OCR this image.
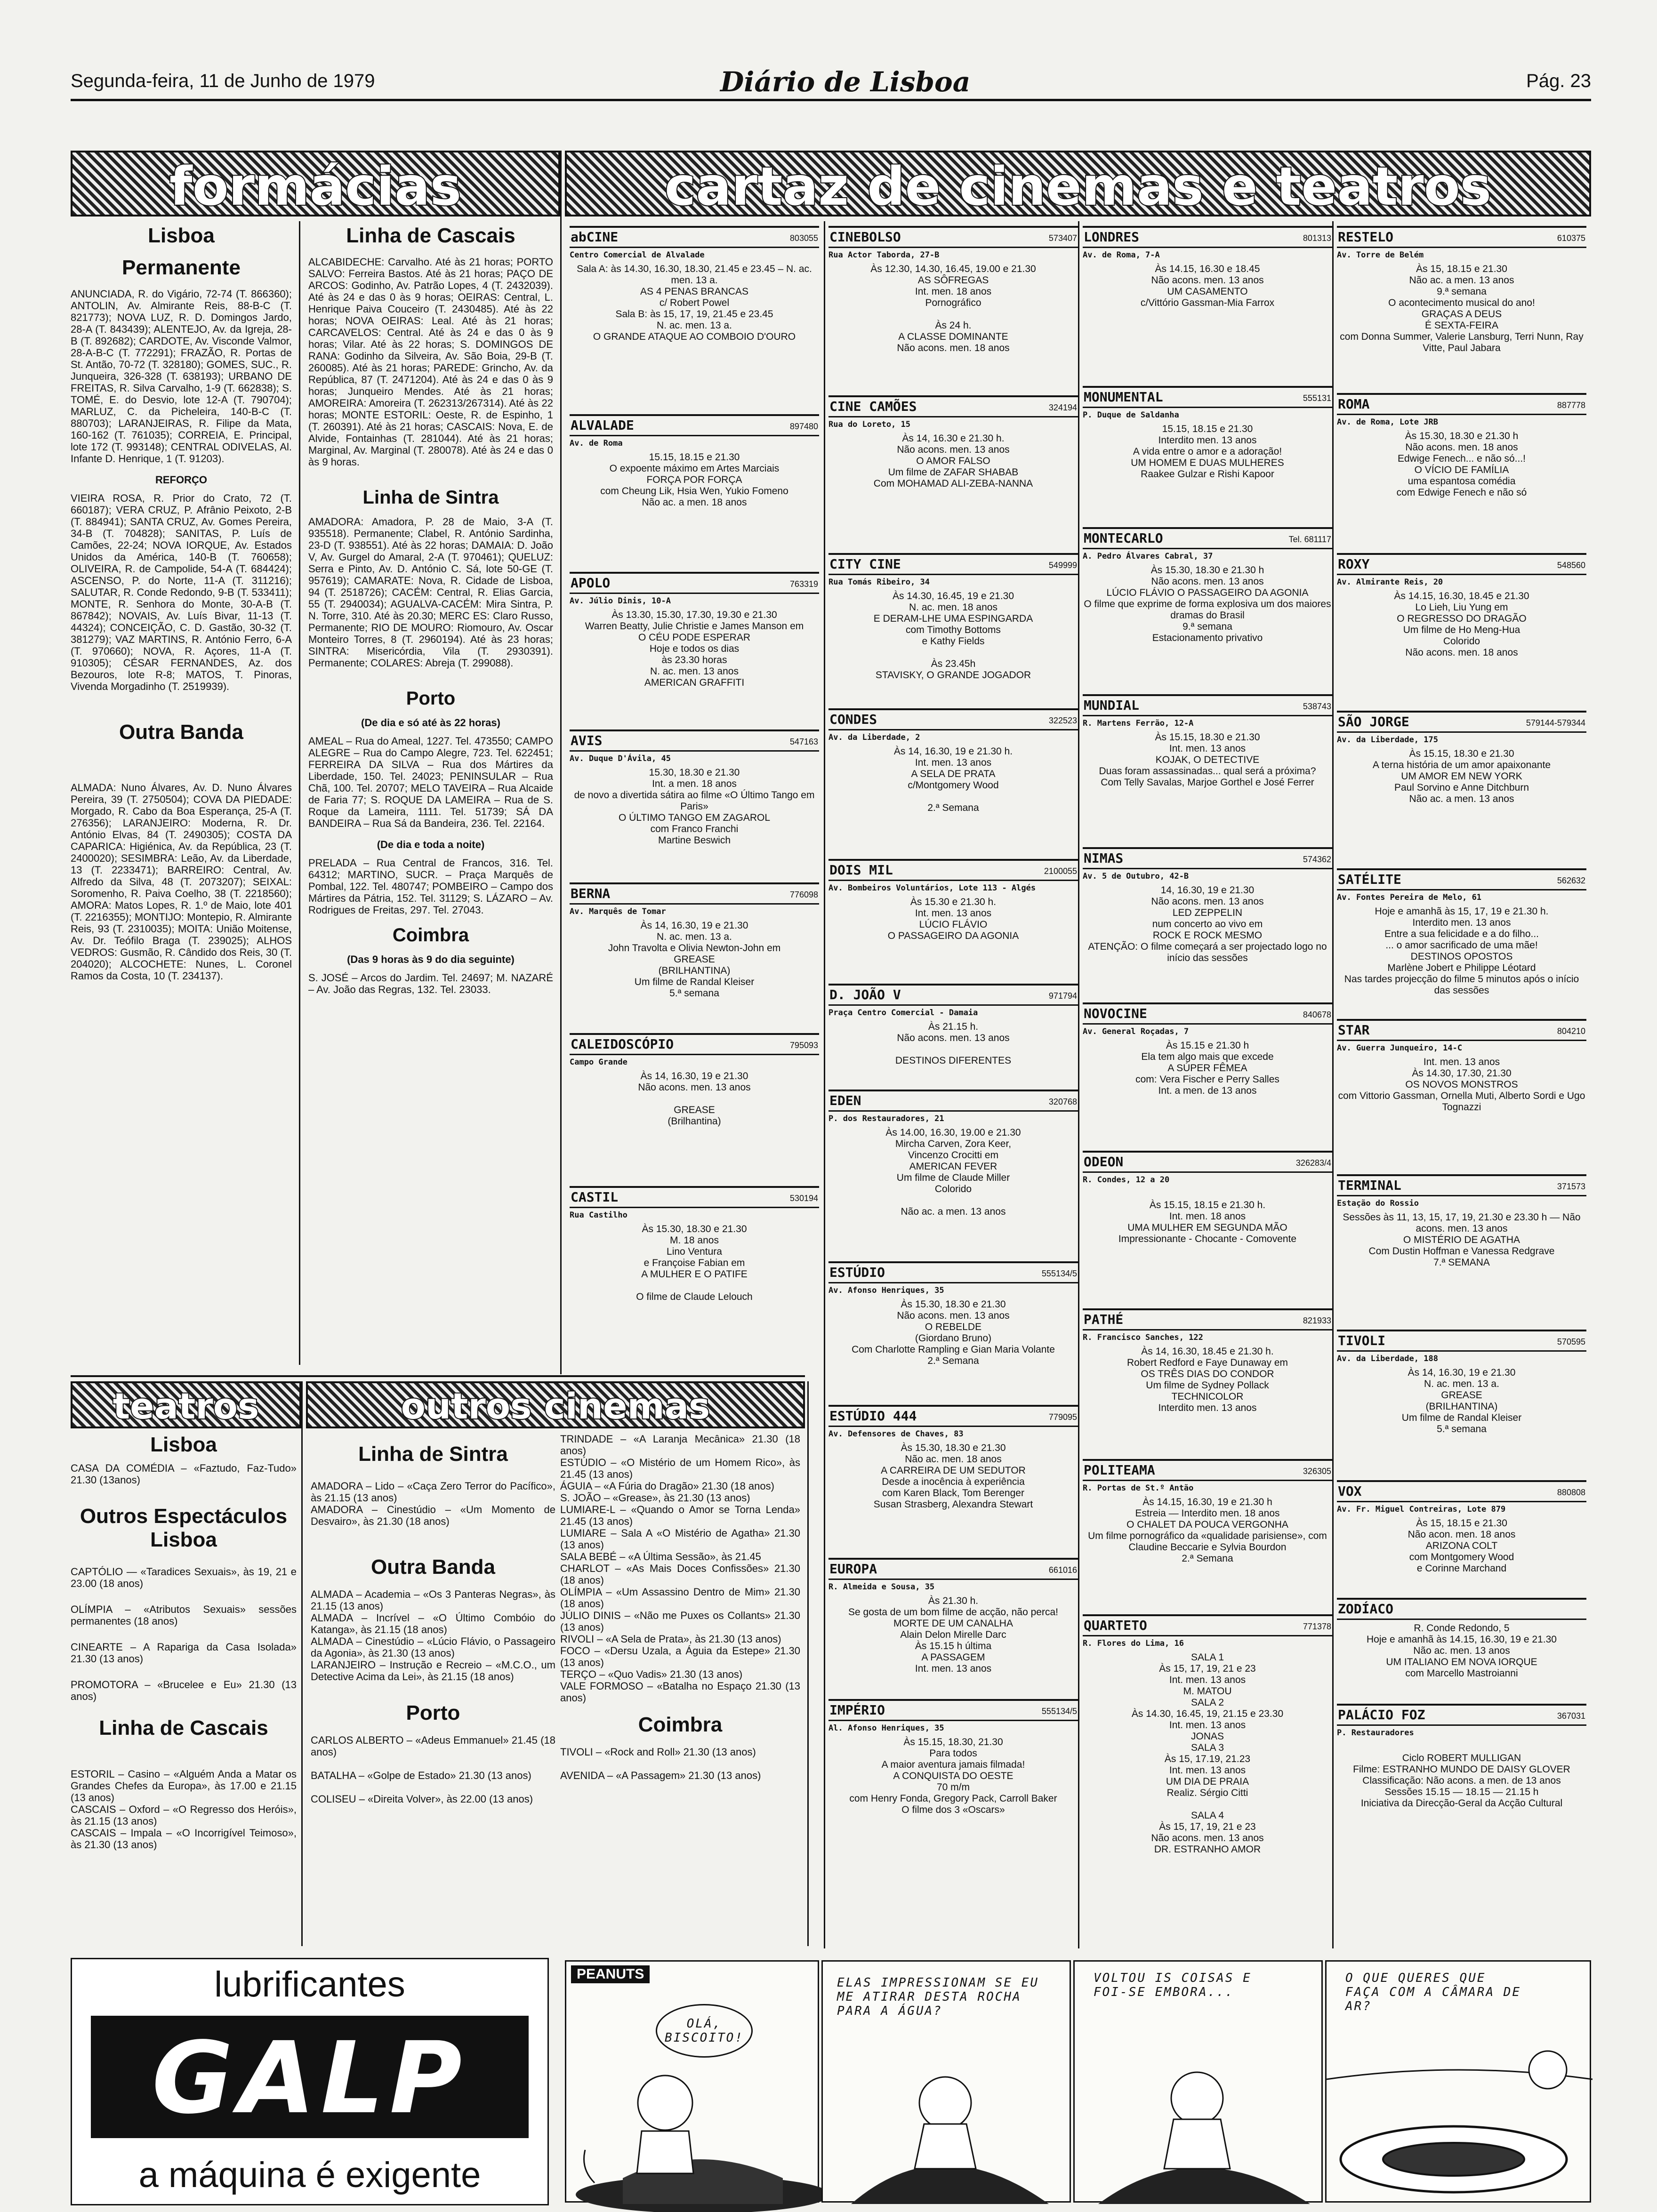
Segunda-feira, 11 de Junho de 1979	Diário de Lisboa	Pág. 23
formácias	cartaz de cinemas e teatros
teatros	outros cinemas
Lisboa
Permanente

ANUNCIADA, R. do Vigário, 72-74 (T. 866360); ANTOLIN, Av. Almirante Reis, 88-B-C (T. 821773); NOVA LUZ, R. D. Domingos Jardo, 28-A (T. 843439); ALENTEJO, Av. da Igreja, 28-B (T. 892682); CARDOTE, Av. Visconde Valmor, 28-A-B-C (T. 772291); FRAZÃO, R. Portas de St. Antão, 70-72 (T. 328180); GOMES, SUC., R. Junqueira, 326-328 (T. 638193); URBANO DE FREITAS, R. Silva Carvalho, 1-9 (T. 662838); S. TOMÉ, E. do Desvio, lote 12-A (T. 790704); MARLUZ, C. da Picheleira, 140-B-C (T. 880703); LARANJEIRAS, R. Filipe da Mata, 160-162 (T. 761035); CORREIA, E. Principal, lote 172 (T. 993148); CENTRAL ODIVELAS, Al. Infante D. Henrique, 1 (T. 91203).

REFORÇO

VIEIRA ROSA, R. Prior do Crato, 72 (T. 660187); VERA CRUZ, P. Afrânio Peixoto, 2-B (T. 884941); SANTA CRUZ, Av. Gomes Pereira, 34-B (T. 704828); SANITAS, P. Luís de Camões, 22-24; NOVA IORQUE, Av. Estados Unidos da América, 140-B (T. 760658); OLIVEIRA, R. de Campolide, 54-A (T. 684424); ASCENSO, P. do Norte, 11-A (T. 311216); SALUTAR, R. Conde Redondo, 9-B (T. 533411); MONTE, R. Senhora do Monte, 30-A-B (T. 867842); NOVAIS, Av. Luís Bivar, 11-13 (T. 44324); CONCEIÇÃO, C. D. Gastão, 30-32 (T. 381279); VAZ MARTINS, R. António Ferro, 6-A (T. 970660); NOVA, R. Açores, 11-A (T. 910305); CÉSAR FERNANDES, Az. dos Bezouros, lote R-8; MATOS, T. Pinoras, Vivenda Morgadinho (T. 2519939).

Outra Banda

ALMADA: Nuno Álvares, Av. D. Nuno Álvares Pereira, 39 (T. 2750504); COVA DA PIEDADE: Morgado, R. Cabo da Boa Esperança, 25-A (T. 276356); LARANJEIRO: Moderna, R. Dr. António Elvas, 84 (T. 2490305); COSTA DA CAPARICA: Higiénica, Av. da República, 23 (T. 2400020); SESIMBRA: Leão, Av. da Liberdade, 13 (T. 2233471); BARREIRO: Central, Av. Alfredo da Silva, 48 (T. 2073207); SEIXAL: Soromenho, R. Paiva Coelho, 38 (T. 2218560); AMORA: Matos Lopes, R. 1.º de Maio, lote 401 (T. 2216355); MONTIJO: Montepio, R. Almirante Reis, 93 (T. 2310035); MOITA: União Moitense, Av. Dr. Teófilo Braga (T. 239025); ALHOS VEDROS: Gusmão, R. Cândido dos Reis, 30 (T. 204020); ALCOCHETE: Nunes, L. Coronel Ramos da Costa, 10 (T. 234137).

Linha de Cascais

ALCABIDECHE: Carvalho. Até às 21 horas; PORTO SALVO: Ferreira Bastos. Até às 21 horas; PAÇO DE ARCOS: Godinho, Av. Patrão Lopes, 4 (T. 2432039). Até às 24 e das 0 às 9 horas; OEIRAS: Central, L. Henrique Paiva Couceiro (T. 2430485). Até às 22 horas; NOVA OEIRAS: Leal. Até às 21 horas; CARCAVELOS: Central. Até às 24 e das 0 às 9 horas; Vilar. Até às 22 horas; S. DOMINGOS DE RANA: Godinho da Silveira, Av. São Boia, 29-B (T. 260085). Até às 21 horas; PAREDE: Grincho, Av. da República, 87 (T. 2471204). Até às 24 e das 0 às 9 horas; Junqueiro Mendes. Até às 21 horas; AMOREIRA: Amoreira (T. 262313/267314). Até às 22 horas; MONTE ESTORIL: Oeste, R. de Espinho, 1 (T. 260391). Até às 21 horas; CASCAIS: Nova, E. de Alvide, Fontainhas (T. 281044). Até às 21 horas; Marginal, Av. Marginal (T. 280078). Até às 24 e das 0 às 9 horas.

Linha de Sintra

AMADORA: Amadora, P. 28 de Maio, 3-A (T. 935518). Permanente; Clabel, R. António Sardinha, 23-D (T. 938551). Até às 22 horas; DAMAIA: D. João V, Av. Gurgel do Amaral, 2-A (T. 970461); QUELUZ: Serra e Pinto, Av. D. António C. Sá, lote 50-GE (T. 957619); CAMARATE: Nova, R. Cidade de Lisboa, 94 (T. 2518726); CACÉM: Central, R. Elias Garcia, 55 (T. 2940034); AGUALVA-CACÉM: Mira Sintra, P. N. Torre, 310. Até às 20.30; MERC ES: Claro Russo, Permanente; RIO DE MOURO: Riomouro, Av. Oscar Monteiro Torres, 8 (T. 2960194). Até às 23 horas; SINTRA: Misericórdia, Vila (T. 2930391). Permanente; COLARES: Abreja (T. 299088).

Porto
(De dia e só até às 22 horas)

AMEAL – Rua do Ameal, 1227. Tel. 473550; CAMPO ALEGRE – Rua do Campo Alegre, 723. Tel. 622451; FERREIRA DA SILVA – Rua dos Mártires da Liberdade, 150. Tel. 24023; PENINSULAR – Rua Chã, 100. Tel. 20707; MELO TAVEIRA – Rua Alcaide de Faria 77; S. ROQUE DA LAMEIRA – Rua de S. Roque da Lameira, 1111. Tel. 51739; SÁ DA BANDEIRA – Rua Sá da Bandeira, 236. Tel. 22164.

(De dia e toda a noite)

PRELADA – Rua Central de Francos, 316. Tel. 64312; MARTINO, SUCR. – Praça Marquês de Pombal, 122. Tel. 480747; POMBEIRO – Campo dos Mártires da Pátria, 152. Tel. 31129; S. LÁZARO – Av. Rodrigues de Freitas, 297. Tel. 27043.

Coimbra
(Das 9 horas às 9 do dia seguinte)

S. JOSÉ – Arcos do Jardim. Tel. 24697; M. NAZARÉ – Av. João das Regras, 132. Tel. 23033.

abCINE	803055
Centro Comercial de Alvalade
Sala A: às 14.30, 16.30, 18.30, 21.45 e 23.45 – N. ac. men. 13 a.
AS 4 PENAS BRANCAS
c/ Robert Powel
Sala B: às 15, 17, 19, 21.45 e 23.45
N. ac. men. 13 a.
O GRANDE ATAQUE AO COMBOIO D'OURO
ALVALADE	897480
Av. de Roma
15.15, 18.15 e 21.30
O expoente máximo em Artes Marciais
FORÇA POR FORÇA
com Cheung Lik, Hsia Wen, Yukio Fomeno
Não ac. a men. 18 anos
APOLO	763319
Av. Júlio Dinis, 10-A
Às 13.30, 15.30, 17.30, 19.30 e 21.30
Warren Beatty, Julie Christie e James Manson em
O CÉU PODE ESPERAR
Hoje e todos os dias
às 23.30 horas
N. ac. men. 13 anos
AMERICAN GRAFFITI
AVIS	547163
Av. Duque D'Ávila, 45
15.30, 18.30 e 21.30
Int. a men. 18 anos
de novo a divertida sátira ao filme «O Último Tango em Paris»
O ÚLTIMO TANGO EM ZAGAROL
com Franco Franchi
Martine Beswich
BERNA	776098
Av. Marquês de Tomar
Às 14, 16.30, 19 e 21.30
N. ac. men. 13 a.
John Travolta e Olivia Newton-John em
GREASE
(BRILHANTINA)
Um filme de Randal Kleiser
5.ª semana
CALEIDOSCÓPIO	795093
Campo Grande
Às 14, 16.30, 19 e 21.30
Não acons. men. 13 anos

GREASE
(Brilhantina)
CASTIL	530194
Rua Castilho
Às 15.30, 18.30 e 21.30
M. 18 anos
Lino Ventura
e Françoise Fabian em
A MULHER E O PATIFE

O filme de Claude Lelouch
CINEBOLSO	573407
Rua Actor Taborda, 27-B
Às 12.30, 14.30, 16.45, 19.00 e 21.30
AS SÔFREGAS
Int. men. 18 anos
Pornográfico

Às 24 h.
A CLASSE DOMINANTE
Não acons. men. 18 anos
CINE CAMÕES	324194
Rua do Loreto, 15
Às 14, 16.30 e 21.30 h.
Não acons. men. 13 anos
O AMOR FALSO
Um filme de ZAFAR SHABAB
Com MOHAMAD ALI-ZEBA-NANNA
CITY CINE	549999
Rua Tomás Ribeiro, 34
Às 14.30, 16.45, 19 e 21.30
N. ac. men. 18 anos
E DERAM-LHE UMA ESPINGARDA
com Timothy Bottoms
e Kathy Fields

Às 23.45h
STAVISKY, O GRANDE JOGADOR
CONDES	322523
Av. da Liberdade, 2
Às 14, 16.30, 19 e 21.30 h.
Int. men. 13 anos
A SELA DE PRATA
c/Montgomery Wood

2.ª Semana
DOIS MIL	2100055
Av. Bombeiros Voluntários, Lote 113 - Algés
Às 15.30 e 21.30 h.
Int. men. 13 anos
LÚCIO FLÁVIO
O PASSAGEIRO DA AGONIA
D. JOÃO V	971794
Praça Centro Comercial - Damaia
Às 21.15 h.
Não acons. men. 13 anos

DESTINOS DIFERENTES
EDEN	320768
P. dos Restauradores, 21
Às 14.00, 16.30, 19.00 e 21.30
Mircha Carven, Zora Keer,
Vincenzo Crocitti em
AMERICAN FEVER
Um filme de Claude Miller
Colorido

Não ac. a men. 13 anos
ESTÚDIO	555134/5
Av. Afonso Henriques, 35
Às 15.30, 18.30 e 21.30
Não acons. men. 13 anos
O REBELDE
(Giordano Bruno)
Com Charlotte Rampling e Gian Maria Volante
2.ª Semana
ESTÚDIO 444	779095
Av. Defensores de Chaves, 83
Às 15.30, 18.30 e 21.30
Não ac. men. 18 anos
A CARREIRA DE UM SEDUTOR
Desde a inocência à experiência
com Karen Black, Tom Berenger
Susan Strasberg, Alexandra Stewart
EUROPA	661016
R. Almeida e Sousa, 35
Às 21.30 h.
Se gosta de um bom filme de acção, não perca!
MORTE DE UM CANALHA
Alain Delon Mirelle Darc
Às 15.15 h última
A PASSAGEM
Int. men. 13 anos
IMPÉRIO	555134/5
Al. Afonso Henriques, 35
Às 15.15, 18.30, 21.30
Para todos
A maior aventura jamais filmada!
A CONQUISTA DO OESTE
70 m/m
com Henry Fonda, Gregory Pack, Carroll Baker
O filme dos 3 «Oscars»
LONDRES	801313
Av. de Roma, 7-A
Às 14.15, 16.30 e 18.45
Não acons. men. 13 anos
UM CASAMENTO
c/Vittório Gassman-Mia Farrox
MONUMENTAL	555131
P. Duque de Saldanha
15.15, 18.15 e 21.30
Interdito men. 13 anos
A vida entre o amor e a adoração!
UM HOMEM E DUAS MULHERES
Raakee Gulzar e Rishi Kapoor
MONTECARLO	Tel. 681117
A. Pedro Álvares Cabral, 37
Às 15.30, 18.30 e 21.30 h
Não acons. men. 13 anos
LÚCIO FLÁVIO O PASSAGEIRO DA AGONIA
O filme que exprime de forma explosiva um dos maiores dramas do Brasil
9.ª semana
Estacionamento privativo
MUNDIAL	538743
R. Martens Ferrão, 12-A
Às 15.15, 18.30 e 21.30
Int. men. 13 anos
KOJAK, O DETECTIVE
Duas foram assassinadas... qual será a próxima?
Com Telly Savalas, Marjoe Gorthel e José Ferrer
NIMAS	574362
Av. 5 de Outubro, 42-B
14, 16.30, 19 e 21.30
Não acons. men. 13 anos
LED ZEPPELIN
num concerto ao vivo em
ROCK E ROCK MESMO
ATENÇÃO: O filme começará a ser projectado logo no início das sessões
NOVOCINE	840678
Av. General Roçadas, 7
Às 15.15 e 21.30 h
Ela tem algo mais que excede
A SÚPER FÊMEA
com: Vera Fischer e Perry Salles
Int. a men. de 13 anos
ODEON	326283/4
R. Condes, 12 a 20

Às 15.15, 18.15 e 21.30 h.
Int. men. 18 anos
UMA MULHER EM SEGUNDA MÃO
Impressionante - Chocante - Comovente
PATHÉ	821933
R. Francisco Sanches, 122
Às 14, 16.30, 18.45 e 21.30 h.
Robert Redford e Faye Dunaway em
OS TRÊS DIAS DO CONDOR
Um filme de Sydney Pollack
TECHNICOLOR
Interdito men. 13 anos
POLITEAMA	326305
R. Portas de St.º Antão
Às 14.15, 16.30, 19 e 21.30 h
Estreia — Interdito men. 18 anos
O CHALET DA POUCA VERGONHA
Um filme pornográfico da «qualidade parisiense», com Claudine Beccarie e Sylvia Bourdon
2.ª Semana
QUARTETO	771378
R. Flores do Lima, 16
SALA 1
Às 15, 17, 19, 21 e 23
Int. men. 13 anos
M. MATOU
SALA 2
Às 14.30, 16.45, 19, 21.15 e 23.30
Int. men. 13 anos
JONAS
SALA 3
Às 15, 17.19, 21.23
Int. men. 13 anos
UM DIA DE PRAIA
Realiz. Sérgio Citti

SALA 4
Às 15, 17, 19, 21 e 23
Não acons. men. 13 anos
DR. ESTRANHO AMOR
RESTELO	610375
Av. Torre de Belém
Às 15, 18.15 e 21.30
Não ac. a men. 13 anos
9.ª semana
O acontecimento musical do ano!
GRAÇAS A DEUS
É SEXTA-FEIRA
com Donna Summer, Valerie Lansburg, Terri Nunn, Ray Vitte, Paul Jabara
ROMA	887778
Av. de Roma, Lote JRB
Às 15.30, 18.30 e 21.30 h
Não acons. men. 18 anos
Edwige Fenech... e não só...!
O VÍCIO DE FAMÍLIA
uma espantosa comédia
com Edwige Fenech e não só
ROXY	548560
Av. Almirante Reis, 20
Às 14.15, 16.30, 18.45 e 21.30
Lo Lieh, Liu Yung em
O REGRESSO DO DRAGÃO
Um filme de Ho Meng-Hua
Colorido
Não acons. men. 18 anos
SÃO JORGE	579144-579344
Av. da Liberdade, 175
Às 15.15, 18.30 e 21.30
A terna história de um amor apaixonante
UM AMOR EM NEW YORK
Paul Sorvino e Anne Ditchburn
Não ac. a men. 13 anos
SATÉLITE	562632
Av. Fontes Pereira de Melo, 61
Hoje e amanhã às 15, 17, 19 e 21.30 h.
Interdito men. 13 anos
Entre a sua felicidade e a do filho...
... o amor sacrificado de uma mãe!
DESTINOS OPOSTOS
Marlène Jobert e Philippe Léotard
Nas tardes projecção do filme 5 minutos após o início das sessões
STAR	804210
Av. Guerra Junqueiro, 14-C
Int. men. 13 anos
Às 14.30, 17.30, 21.30
OS NOVOS MONSTROS
com Vittorio Gassman, Ornella Muti, Alberto Sordi e Ugo Tognazzi
TERMINAL	371573
Estação do Rossio
Sessões às 11, 13, 15, 17, 19, 21.30 e 23.30 h — Não acons. men. 13 anos
O MISTÉRIO DE AGATHA
Com Dustin Hoffman e Vanessa Redgrave
7.ª SEMANA
TIVOLI	570595
Av. da Liberdade, 188
Às 14, 16.30, 19 e 21.30
N. ac. men. 13 a.
GREASE
(BRILHANTINA)
Um filme de Randal Kleiser
5.ª semana
VOX	880808
Av. Fr. Miguel Contreiras, Lote 879
Às 15, 18.15 e 21.30
Não acon. men. 18 anos
ARIZONA COLT
com Montgomery Wood
e Corinne Marchand
ZODÍACO
R. Conde Redondo, 5
Hoje e amanhã às 14.15, 16.30, 19 e 21.30
Não ac. men. 13 anos
UM ITALIANO EM NOVA IORQUE
com Marcello Mastroianni
PALÁCIO FOZ	367031
P. Restauradores

Ciclo ROBERT MULLIGAN
Filme: ESTRANHO MUNDO DE DAISY GLOVER
Classificação: Não acons. a men. de 13 anos
Sessões 15.15 — 18.15 — 21.15 h
Iniciativa da Direcção-Geral da Acção Cultural
Lisboa

CASA DA COMÉDIA – «Faztudo, Faz-Tudo» 21.30 (13anos)

Outros Espectáculos Lisboa

CAPTÓLIO — «Taradices Sexuais», às 19, 21 e 23.00 (18 anos)

OLÍMPIA – «Atributos Sexuais» sessões permanentes (18 anos)

CINEARTE – A Rapariga da Casa Isolada» 21.30 (13 anos)

PROMOTORA – «Brucelee e Eu» 21.30 (13 anos)

Linha de Cascais

ESTORIL – Casino – «Alguém Anda a Matar os Grandes Chefes da Europa», às 17.00 e 21.15 (13 anos)
CASCAIS – Oxford – «O Regresso dos Heróis», às 21.15 (13 anos)
CASCAIS – Impala – «O Incorrigível Teimoso», às 21.30 (13 anos)

Linha de Sintra

AMADORA – Lido – «Caça Zero Terror do Pacífico», às 21.15 (13 anos)
AMADORA – Cinestúdio – «Um Momento de Desvairo», às 21.30 (18 anos)

Outra Banda

ALMADA – Academia – «Os 3 Panteras Negras», às 21.15 (13 anos)
ALMADA – Incrível – «O Último Combóio do Katanga», às 21.15 (18 anos)
ALMADA – Cinestúdio – «Lúcio Flávio, o Passageiro da Agonia», às 21.30 (13 anos)
LARANJEIRO – Instrução e Recreio – «M.C.O., um Detective Acima da Lei», às 21.15 (18 anos)

Porto

CARLOS ALBERTO – «Adeus Emmanuel» 21.45 (18 anos)

BATALHA – «Golpe de Estado» 21.30 (13 anos)

COLISEU – «Direita Volver», às 22.00 (13 anos)

TRINDADE – «A Laranja Mecânica» 21.30 (18 anos)
ESTÚDIO – «O Mistério de um Homem Rico», às 21.45 (13 anos)
ÁGUIA – «A Fúria do Dragão» 21.30 (18 anos)
S. JOÃO – «Grease», às 21.30 (13 anos)
LUMIARE-L – «Quando o Amor se Torna Lenda» 21.45 (13 anos)
LUMIARE – Sala A «O Mistério de Agatha» 21.30 (13 anos)
SALA BEBÉ – «A Última Sessão», às 21.45
CHARLOT – «As Mais Doces Confissões» 21.30 (18 anos)
OLÍMPIA – «Um Assassino Dentro de Mim» 21.30 (18 anos)
JÚLIO DINIS – «Não me Puxes os Collants» 21.30 (13 anos)
RIVOLI – «A Sela de Prata», às 21.30 (13 anos)
FOCO – «Dersu Uzala, a Águia da Estepe» 21.30 (13 anos)
TERÇO – «Quo Vadis» 21.30 (13 anos)
VALE FORMOSO – «Batalha no Espaço 21.30 (13 anos)

Coimbra

TIVOLI – «Rock and Roll» 21.30 (13 anos)

AVENIDA – «A Passagem» 21.30 (13 anos)

lubrificantes
GALP
a máquina é exigente
PEANUTS
OLÁ, BISCOITO!
ELAS IMPRESSIONAM SE EU ME ATIRAR DESTA ROCHA PARA A ÁGUA?
VOLTOU IS COISAS E FOI-SE EMBORA...
O QUE QUERES QUE FAÇA COM A CÂMARA DE AR?
